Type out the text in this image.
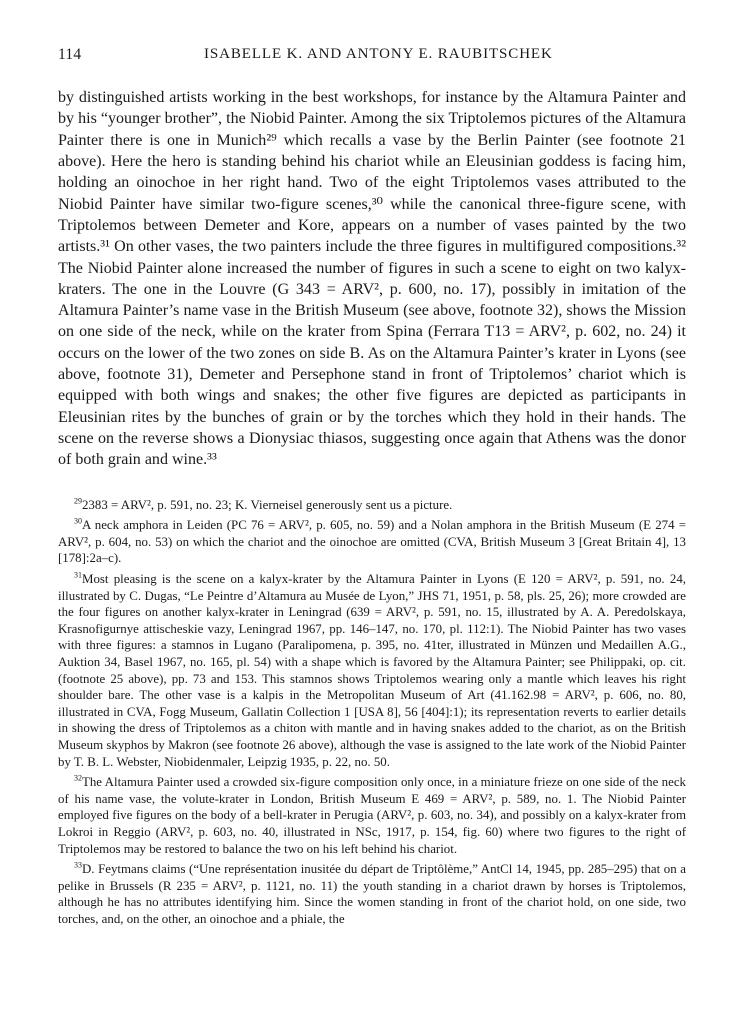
114	ISABELLE K. AND ANTONY E. RAUBITSCHEK

by distinguished artists working in the best workshops, for instance by the Altamura Painter and by his “younger brother”, the Niobid Painter. Among the six Triptolemos pictures of the Altamura Painter there is one in Munich²⁹ which recalls a vase by the Berlin Painter (see footnote 21 above). Here the hero is standing behind his chariot while an Eleusinian goddess is facing him, holding an oinochoe in her right hand. Two of the eight Triptolemos vases attributed to the Niobid Painter have similar two-figure scenes,³⁰ while the canonical three-figure scene, with Triptolemos between Demeter and Kore, appears on a number of vases painted by the two artists.³¹ On other vases, the two painters include the three figures in multifigured compositions.³² The Niobid Painter alone increased the number of figures in such a scene to eight on two kalyx-kraters. The one in the Louvre (G 343 = ARV², p. 600, no. 17), possibly in imitation of the Altamura Painter’s name vase in the British Museum (see above, footnote 32), shows the Mission on one side of the neck, while on the krater from Spina (Ferrara T13 = ARV², p. 602, no. 24) it occurs on the lower of the two zones on side B. As on the Altamura Painter’s krater in Lyons (see above, footnote 31), Demeter and Persephone stand in front of Triptolemos’ chariot which is equipped with both wings and snakes; the other five figures are depicted as participants in Eleusinian rites by the bunches of grain or by the torches which they hold in their hands. The scene on the reverse shows a Dionysiac thiasos, suggesting once again that Athens was the donor of both grain and wine.³³

$^{29}$2383 = ARV², p. 591, no. 23; K. Vierneisel generously sent us a picture.

$^{30}$A neck amphora in Leiden (PC 76 = ARV², p. 605, no. 59) and a Nolan amphora in the British Museum (E 274 = ARV², p. 604, no. 53) on which the chariot and the oinochoe are omitted (CVA, British Museum 3 [Great Britain 4], 13 [178]:2a–c).

$^{31}$Most pleasing is the scene on a kalyx-krater by the Altamura Painter in Lyons (E 120 = ARV², p. 591, no. 24, illustrated by C. Dugas, “Le Peintre d’Altamura au Musée de Lyon,” JHS 71, 1951, p. 58, pls. 25, 26); more crowded are the four figures on another kalyx-krater in Leningrad (639 = ARV², p. 591, no. 15, illustrated by A. A. Peredolskaya, Krasnofigurnye attischeskie vazy, Leningrad 1967, pp. 146–147, no. 170, pl. 112:1). The Niobid Painter has two vases with three figures: a stamnos in Lugano (Paralipomena, p. 395, no. 41ter, illustrated in Münzen und Medaillen A.G., Auktion 34, Basel 1967, no. 165, pl. 54) with a shape which is favored by the Altamura Painter; see Philippaki, op. cit. (footnote 25 above), pp. 73 and 153. This stamnos shows Triptolemos wearing only a mantle which leaves his right shoulder bare. The other vase is a kalpis in the Metropolitan Museum of Art (41.162.98 = ARV², p. 606, no. 80, illustrated in CVA, Fogg Museum, Gallatin Collection 1 [USA 8], 56 [404]:1); its representation reverts to earlier details in showing the dress of Triptolemos as a chiton with mantle and in having snakes added to the chariot, as on the British Museum skyphos by Makron (see footnote 26 above), although the vase is assigned to the late work of the Niobid Painter by T. B. L. Webster, Niobidenmaler, Leipzig 1935, p. 22, no. 50.

$^{32}$The Altamura Painter used a crowded six-figure composition only once, in a miniature frieze on one side of the neck of his name vase, the volute-krater in London, British Museum E 469 = ARV², p. 589, no. 1. The Niobid Painter employed five figures on the body of a bell-krater in Perugia (ARV², p. 603, no. 34), and possibly on a kalyx-krater from Lokroi in Reggio (ARV², p. 603, no. 40, illustrated in NSc, 1917, p. 154, fig. 60) where two figures to the right of Triptolemos may be restored to balance the two on his left behind his chariot.

$^{33}$D. Feytmans claims (“Une représentation inusitée du départ de Triptôlème,” AntCl 14, 1945, pp. 285–295) that on a pelike in Brussels (R 235 = ARV², p. 1121, no. 11) the youth standing in a chariot drawn by horses is Triptolemos, although he has no attributes identifying him. Since the women standing in front of the chariot hold, on one side, two torches, and, on the other, an oinochoe and a phiale, the
